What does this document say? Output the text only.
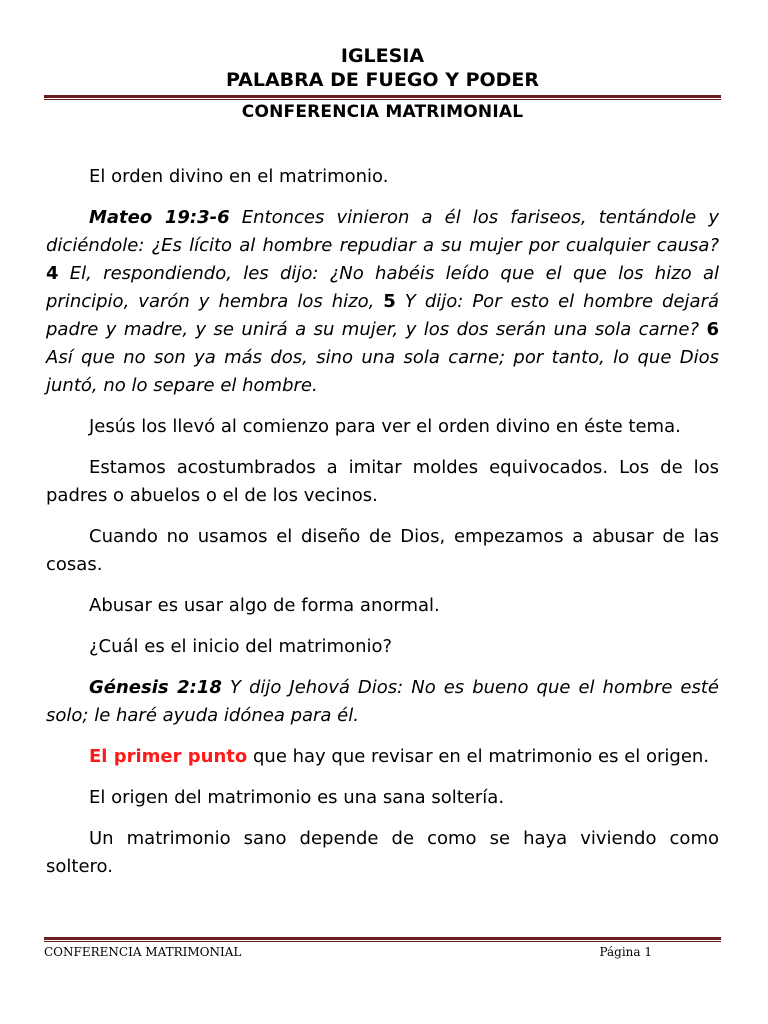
IGLESIA
PALABRA DE FUEGO Y PODER
CONFERENCIA MATRIMONIAL

El orden divino en el matrimonio.

Mateo 19:3-6 Entonces vinieron a él los fariseos, tentándole y diciéndole: ¿Es lícito al hombre repudiar a su mujer por cualquier causa? 4 El, respondiendo, les dijo: ¿No habéis leído que el que los hizo al principio, varón y hembra los hizo, 5 Y dijo: Por esto el hombre dejará padre y madre, y se unirá a su mujer, y los dos serán una sola carne? 6 Así que no son ya más dos, sino una sola carne; por tanto, lo que Dios juntó, no lo separe el hombre.

Jesús los llevó al comienzo para ver el orden divino en éste tema.

Estamos acostumbrados a imitar moldes equivocados. Los de los padres o abuelos o el de los vecinos.

Cuando no usamos el diseño de Dios, empezamos a abusar de las cosas.

Abusar es usar algo de forma anormal.

¿Cuál es el inicio del matrimonio?

Génesis 2:18 Y dijo Jehová Dios: No es bueno que el hombre esté solo; le haré ayuda idónea para él.

El primer punto que hay que revisar en el matrimonio es el origen.

El origen del matrimonio es una sana soltería.

Un matrimonio sano depende de como se haya viviendo como soltero.

CONFERENCIA MATRIMONIAL	Página 1
